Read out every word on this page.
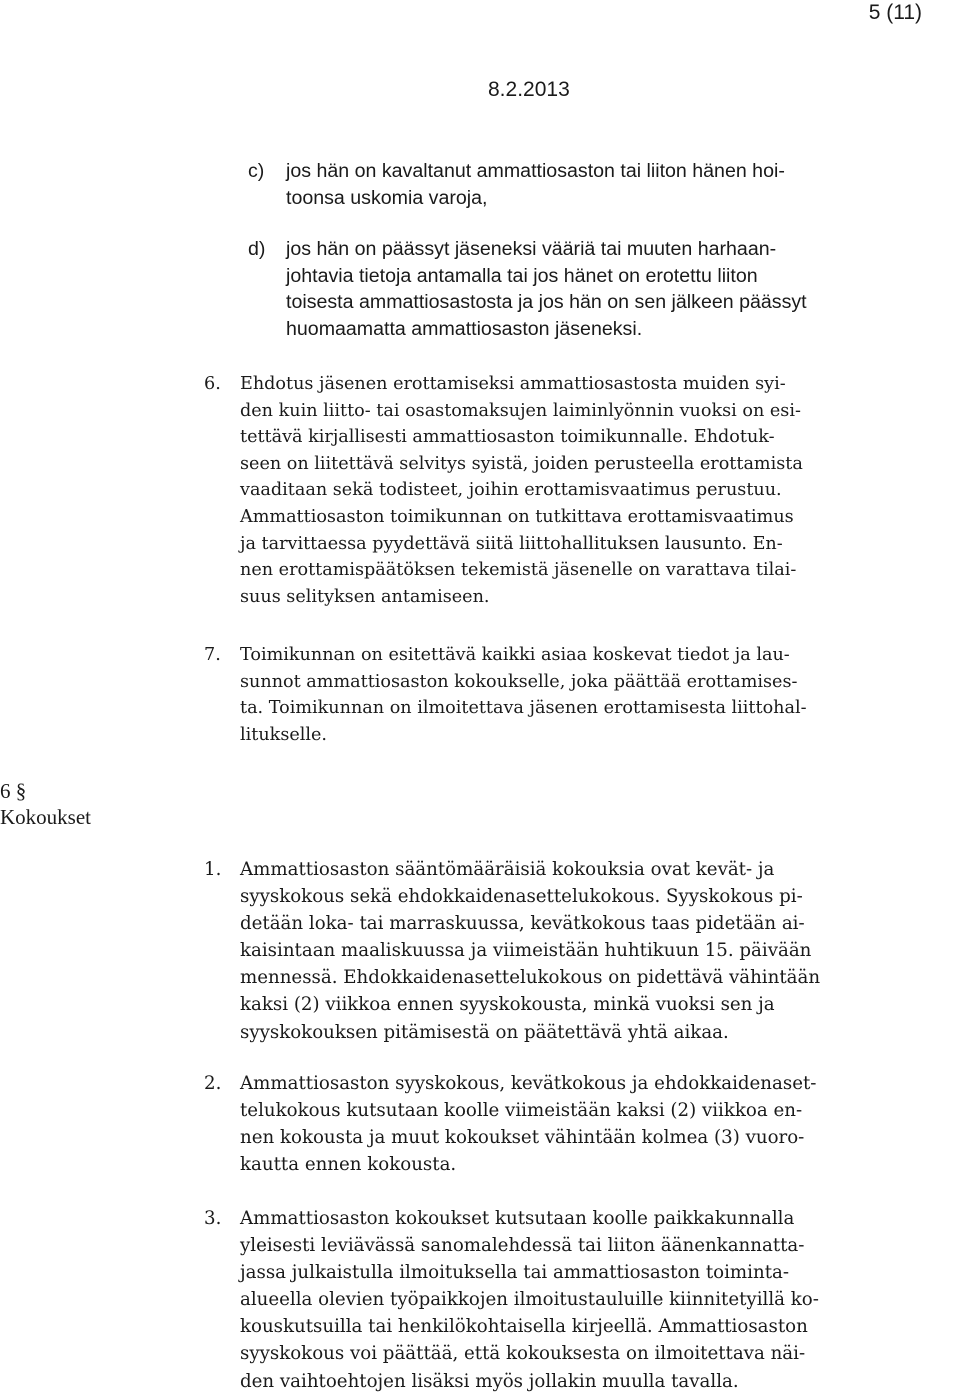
5 (11)
8.2.2013
c) jos hän on kavaltanut ammattiosaston tai liiton hänen hoi-
toonsa uskomia varoja,
d) jos hän on päässyt jäseneksi vääriä tai muuten harhaan-
johtavia tietoja antamalla tai jos hänet on erotettu liiton
toisesta ammattiosastosta ja jos hän on sen jälkeen päässyt
huomaamatta ammattiosaston jäseneksi.
6. Ehdotus jäsenen erottamiseksi ammattiosastosta muiden syi-
den kuin liitto- tai osastomaksujen laiminlyönnin vuoksi on esi-
tettävä kirjallisesti ammattiosaston toimikunnalle. Ehdotuk-
seen on liitettävä selvitys syistä, joiden perusteella erottamista
vaaditaan sekä todisteet, joihin erottamisvaatimus perustuu.
Ammattiosaston toimikunnan on tutkittava erottamisvaatimus
ja tarvittaessa pyydettävä siitä liittohallituksen lausunto. En-
nen erottamispäätöksen tekemistä jäsenelle on varattava tilai-
suus selityksen antamiseen.
7. Toimikunnan on esitettävä kaikki asiaa koskevat tiedot ja lau-
sunnot ammattiosaston kokoukselle, joka päättää erottamises-
ta. Toimikunnan on ilmoitettava jäsenen erottamisesta liittohal-
litukselle.
6 §
Kokoukset
1. Ammattiosaston sääntömääräisiä kokouksia ovat kevät- ja
syyskokous sekä ehdokkaidenasettelukokous. Syyskokous pi-
detään loka- tai marraskuussa, kevätkokous taas pidetään ai-
kaisintaan maaliskuussa ja viimeistään huhtikuun 15. päivään
mennessä. Ehdokkaidenasettelukokous on pidettävä vähintään
kaksi (2) viikkoa ennen syyskokousta, minkä vuoksi sen ja
syyskokouksen pitämisestä on päätettävä yhtä aikaa.
2. Ammattiosaston syyskokous, kevätkokous ja ehdokkaidenaset-
telukokous kutsutaan koolle viimeistään kaksi (2) viikkoa en-
nen kokousta ja muut kokoukset vähintään kolmea (3) vuoro-
kautta ennen kokousta.
3. Ammattiosaston kokoukset kutsutaan koolle paikkakunnalla
yleisesti leviävässä sanomalehdessä tai liiton äänenkannatta-
jassa julkaistulla ilmoituksella tai ammattiosaston toiminta-
alueella olevien työpaikkojen ilmoitustauluille kiinnitetyillä ko-
kouskutsuilla tai henkilökohtaisella kirjeellä. Ammattiosaston
syyskokous voi päättää, että kokouksesta on ilmoitettava näi-
den vaihtoehtojen lisäksi myös jollakin muulla tavalla.
